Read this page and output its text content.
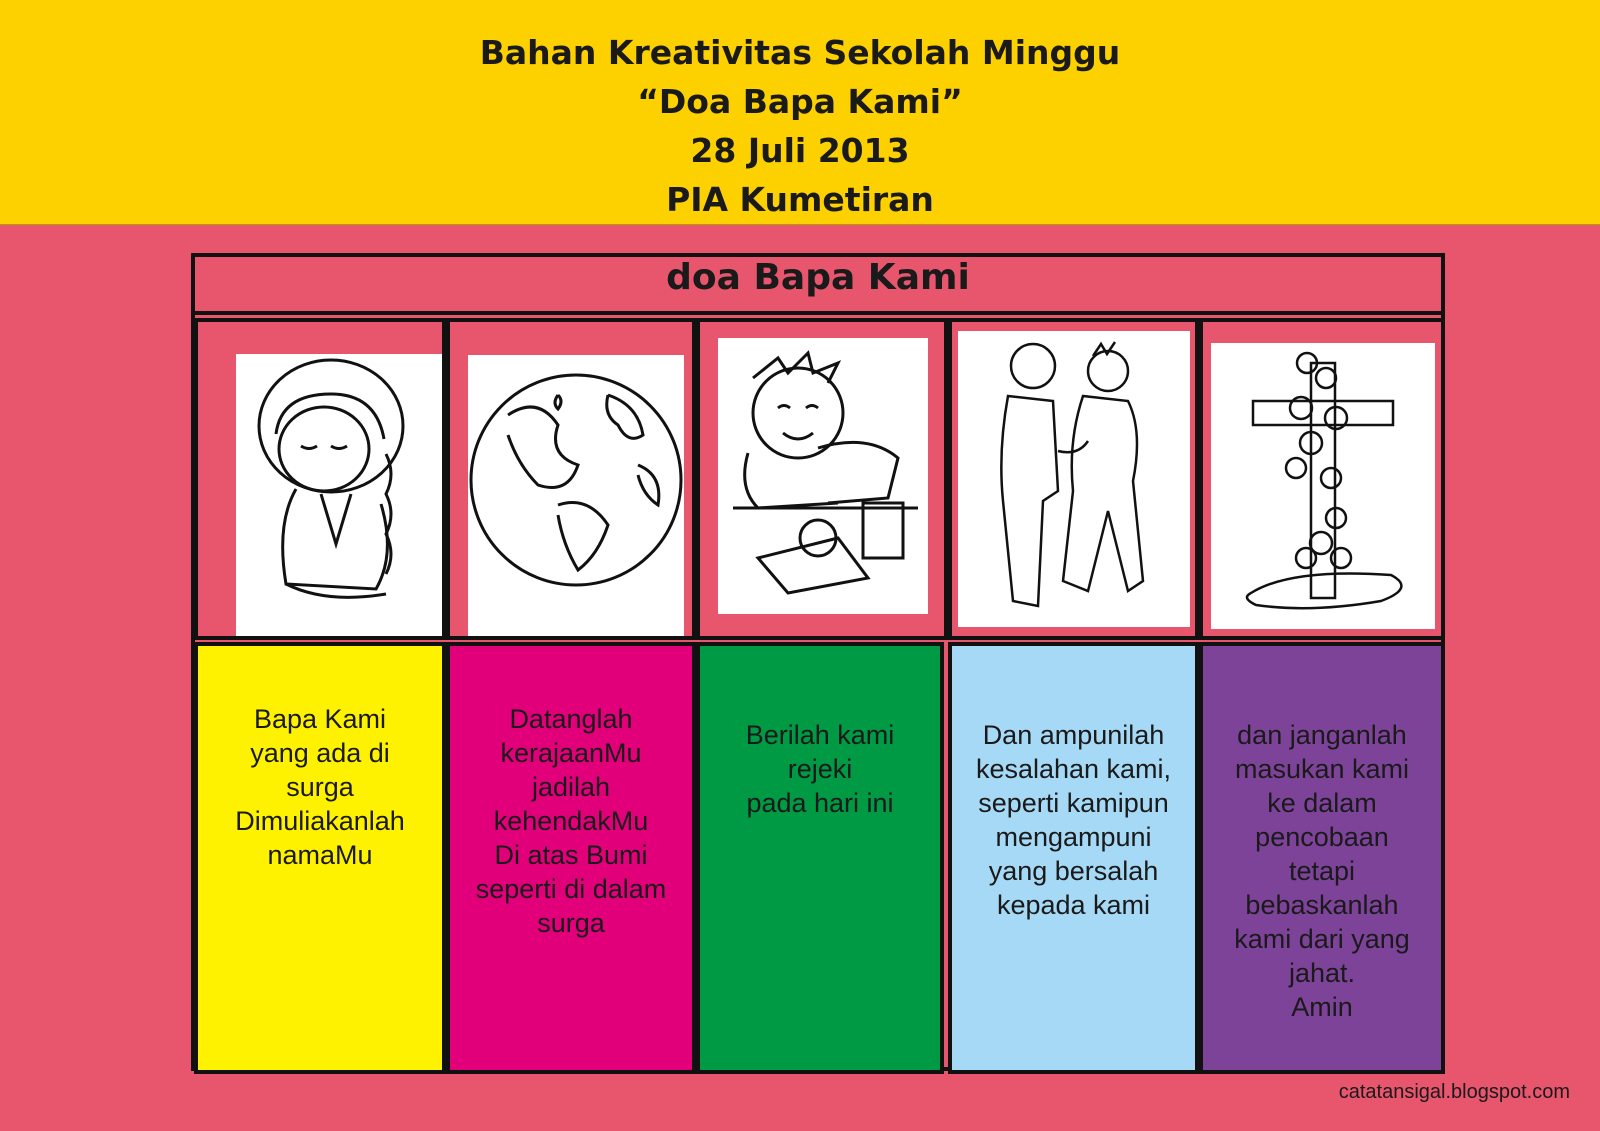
Bahan Kreativitas Sekolah Minggu
“Doa Bapa Kami”
28 Juli 2013
PIA Kumetiran
doa Bapa Kami
Bapa Kami
yang ada di
surga
Dimuliakanlah
namaMu
Datanglah
kerajaanMu
jadilah
kehendakMu
Di atas Bumi
seperti di dalam
surga
Berilah kami
rejeki
pada hari ini
Dan ampunilah
kesalahan kami,
seperti kamipun
mengampuni
yang bersalah
kepada kami
dan janganlah
masukan kami
ke dalam
pencobaan
tetapi
bebaskanlah
kami dari yang
jahat.
Amin
catatansigal.blogspot.com
